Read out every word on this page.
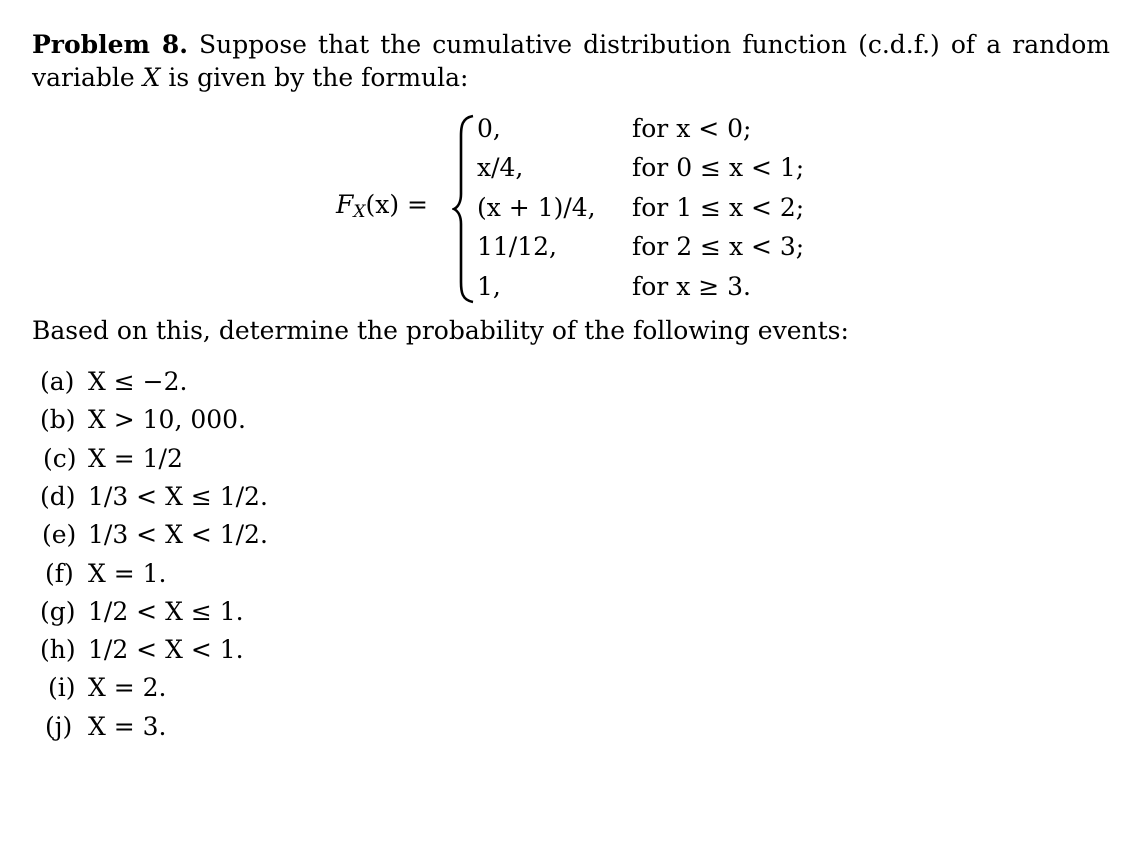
Problem 8. Suppose that the cumulative distribution function (c.d.f.) of a random
variable X is given by the formula:
$F_X(x)$ =
0,	for x < 0;
x/4,	for 0 ≤ x < 1;
(x + 1)/4, for 1 ≤ x < 2;
11/12,	for 2 ≤ x < 3;
1,	for x ≥ 3.
Based on this, determine the probability of the following events:
(a) X ≤ −2.
(b) X > 10, 000.
(c) X = 1/2
(d) 1/3 < X ≤ 1/2.
(e) 1/3 < X < 1/2.
(f) X = 1.
(g) 1/2 < X ≤ 1.
(h) 1/2 < X < 1.
(i) X = 2.
(j) X = 3.
